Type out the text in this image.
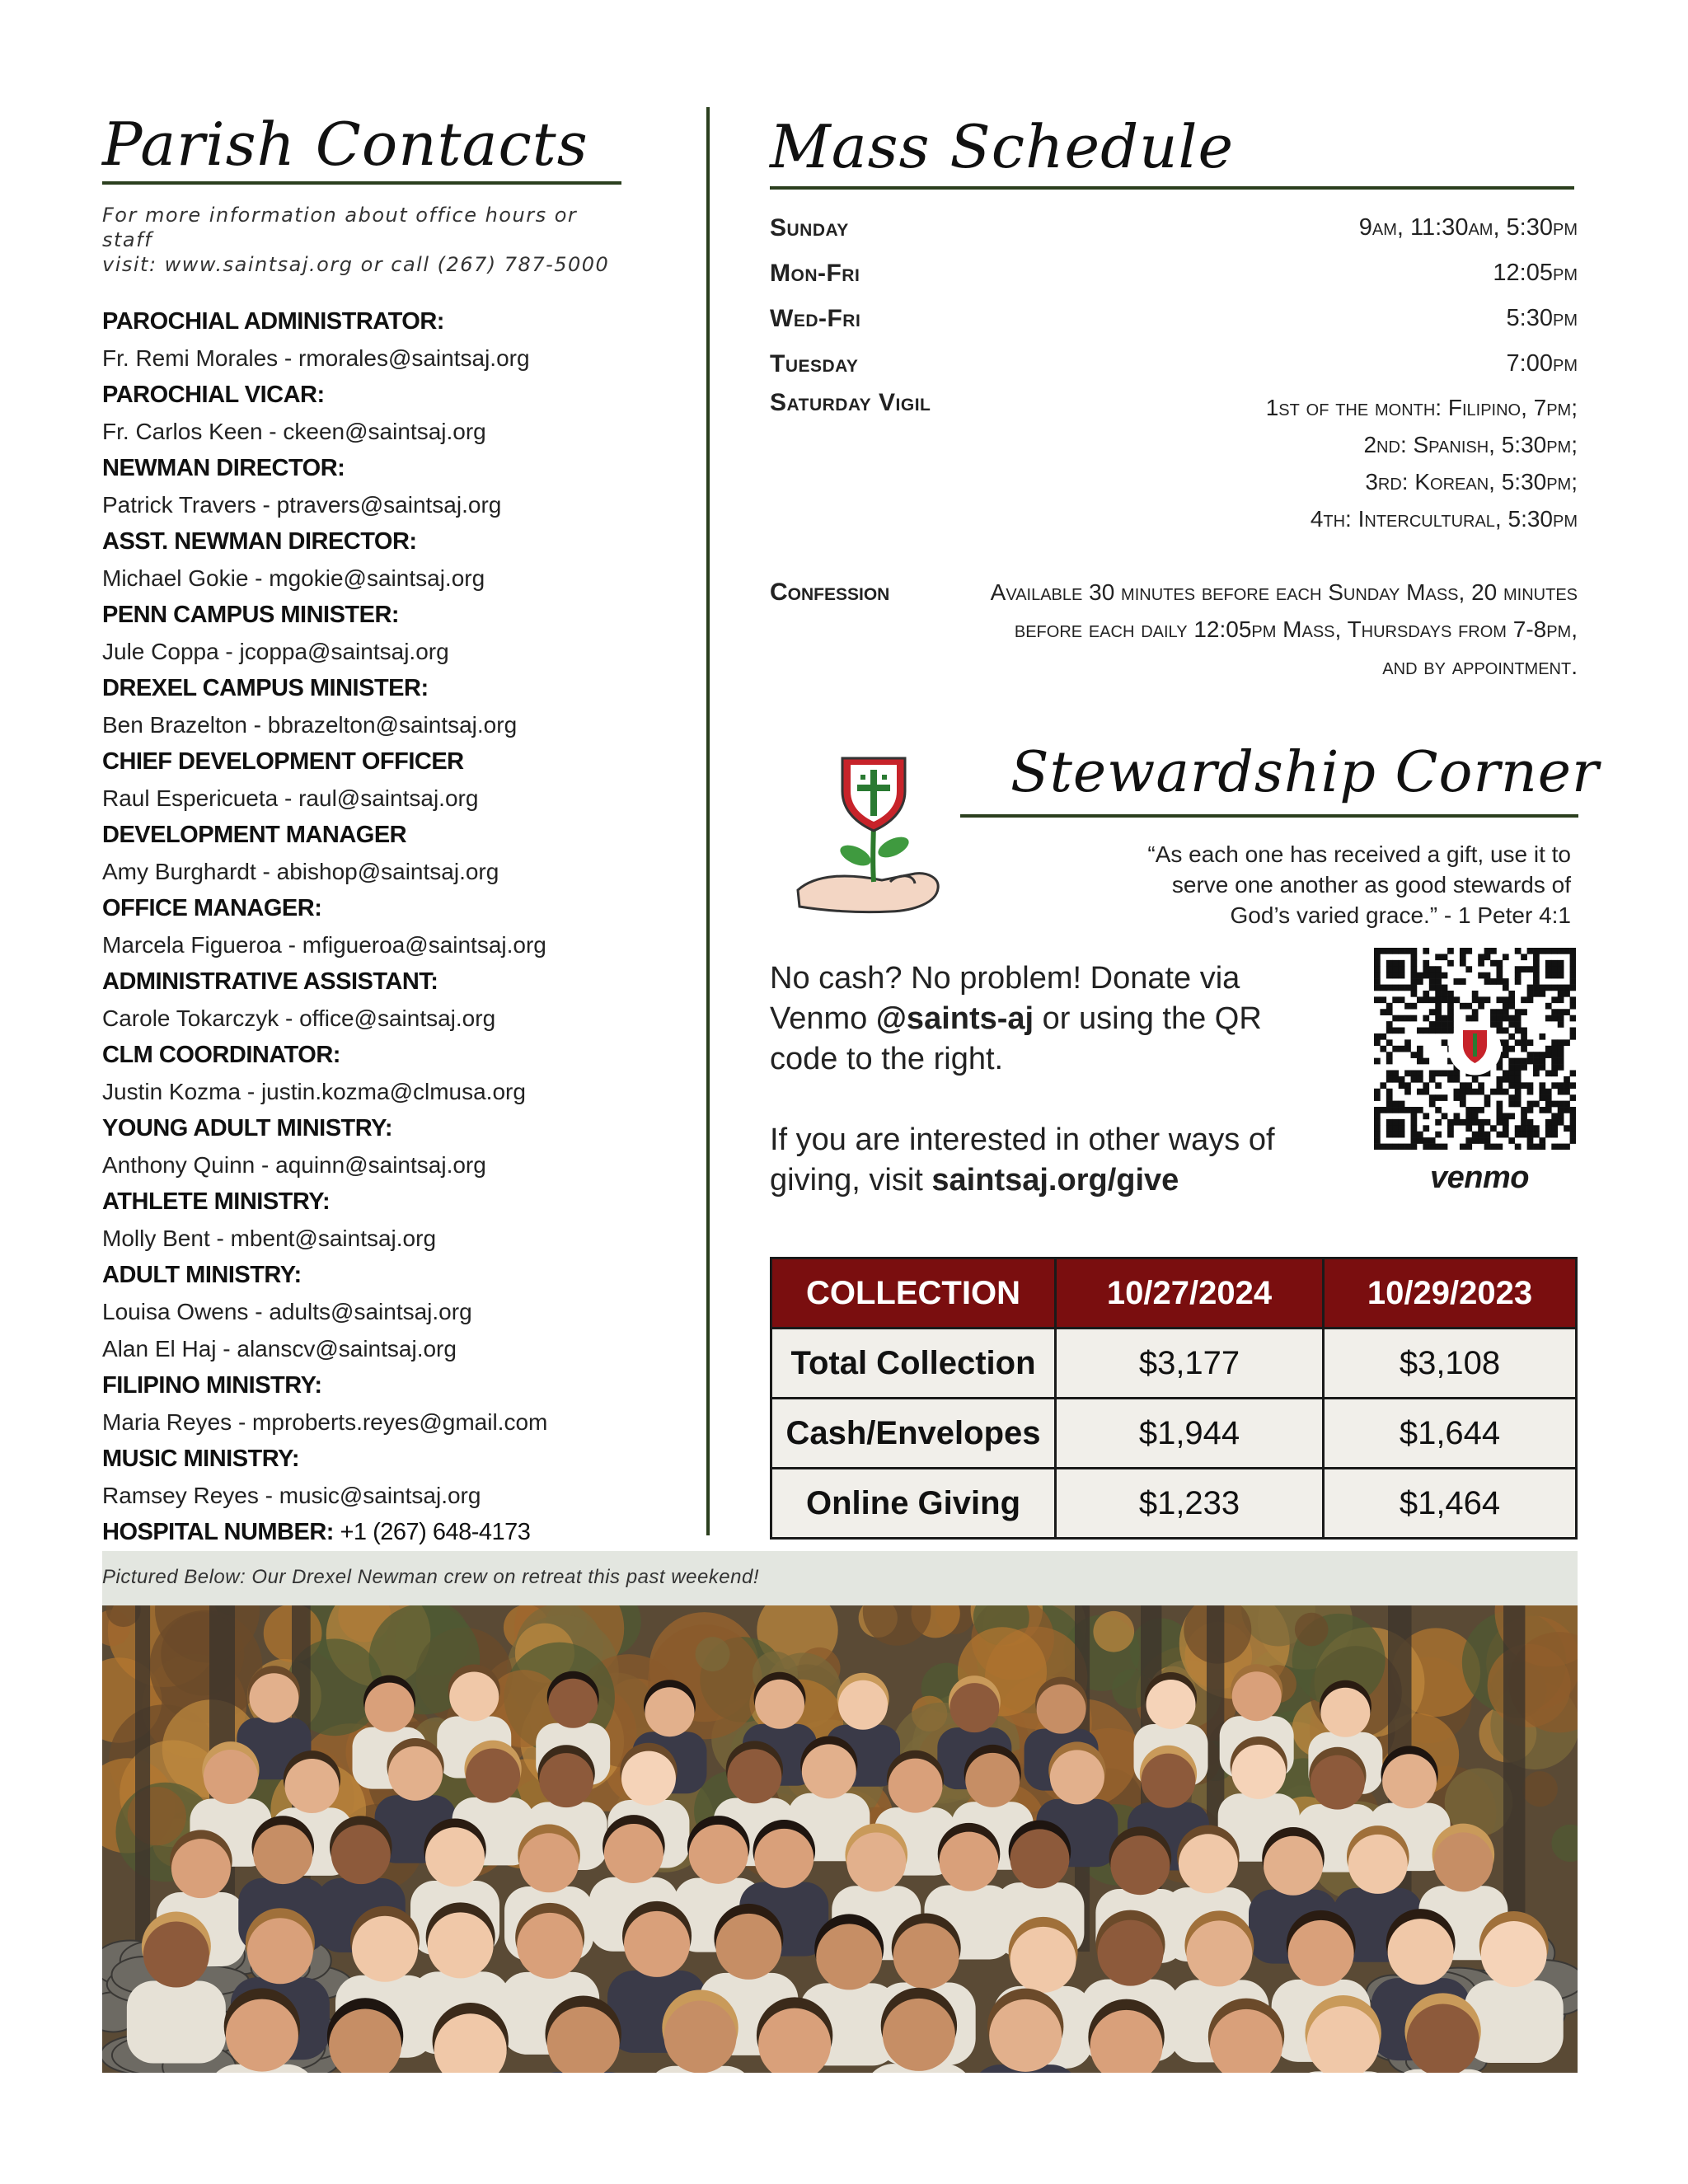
Parish Contacts
For more information about office hours or staff
visit: www.saintsaj.org or call (267) 787-5000
PAROCHIAL ADMINISTRATOR:
Fr. Remi Morales - rmorales@saintsaj.org
PAROCHIAL VICAR:
Fr. Carlos Keen - ckeen@saintsaj.org
NEWMAN DIRECTOR:
Patrick Travers - ptravers@saintsaj.org
ASST. NEWMAN DIRECTOR:
Michael Gokie - mgokie@saintsaj.org
PENN CAMPUS MINISTER:
Jule Coppa - jcoppa@saintsaj.org
DREXEL CAMPUS MINISTER:
Ben Brazelton - bbrazelton@saintsaj.org
CHIEF DEVELOPMENT OFFICER
Raul Espericueta - raul@saintsaj.org
DEVELOPMENT MANAGER
Amy Burghardt - abishop@saintsaj.org
OFFICE MANAGER:
Marcela Figueroa - mfigueroa@saintsaj.org
ADMINISTRATIVE ASSISTANT:
Carole Tokarczyk - office@saintsaj.org
CLM COORDINATOR:
Justin Kozma - justin.kozma@clmusa.org
YOUNG ADULT MINISTRY:
Anthony Quinn - aquinn@saintsaj.org
ATHLETE MINISTRY:
Molly Bent - mbent@saintsaj.org
ADULT MINISTRY:
Louisa Owens - adults@saintsaj.org
Alan El Haj - alanscv@saintsaj.org
FILIPINO MINISTRY:
Maria Reyes - mproberts.reyes@gmail.com
MUSIC MINISTRY:
Ramsey Reyes - music@saintsaj.org
HOSPITAL NUMBER: +1 (267) 648-4173
Mass Schedule
Sunday	9am, 11:30am, 5:30pm
Mon-Fri	12:05pm
Wed-Fri	5:30pm
Tuesday	7:00pm
Saturday Vigil	1st of the month: Filipino, 7pm;
2nd: Spanish, 5:30pm;
3rd: Korean, 5:30pm;
4th: Intercultural, 5:30pm
Confession	Available 30 minutes before each Sunday Mass, 20 minutes before each daily 12:05pm Mass, Thursdays from 7-8pm, and by appointment.
Stewardship Corner
“As each one has received a gift, use it to
serve one another as good stewards of
God’s varied grace.” - 1 Peter 4:1

No cash? No problem! Donate via

Venmo @saints-aj or using the QR

code to the right.

If you are interested in other ways of

giving, visit saintsaj.org/give	venmo
COLLECTION	10/27/2024	10/29/2023
Total Collection	$3,177	$3,108
Cash/Envelopes	$1,944	$1,644
Online Giving	$1,233	$1,464
Pictured Below: Our Drexel Newman crew on retreat this past weekend!
